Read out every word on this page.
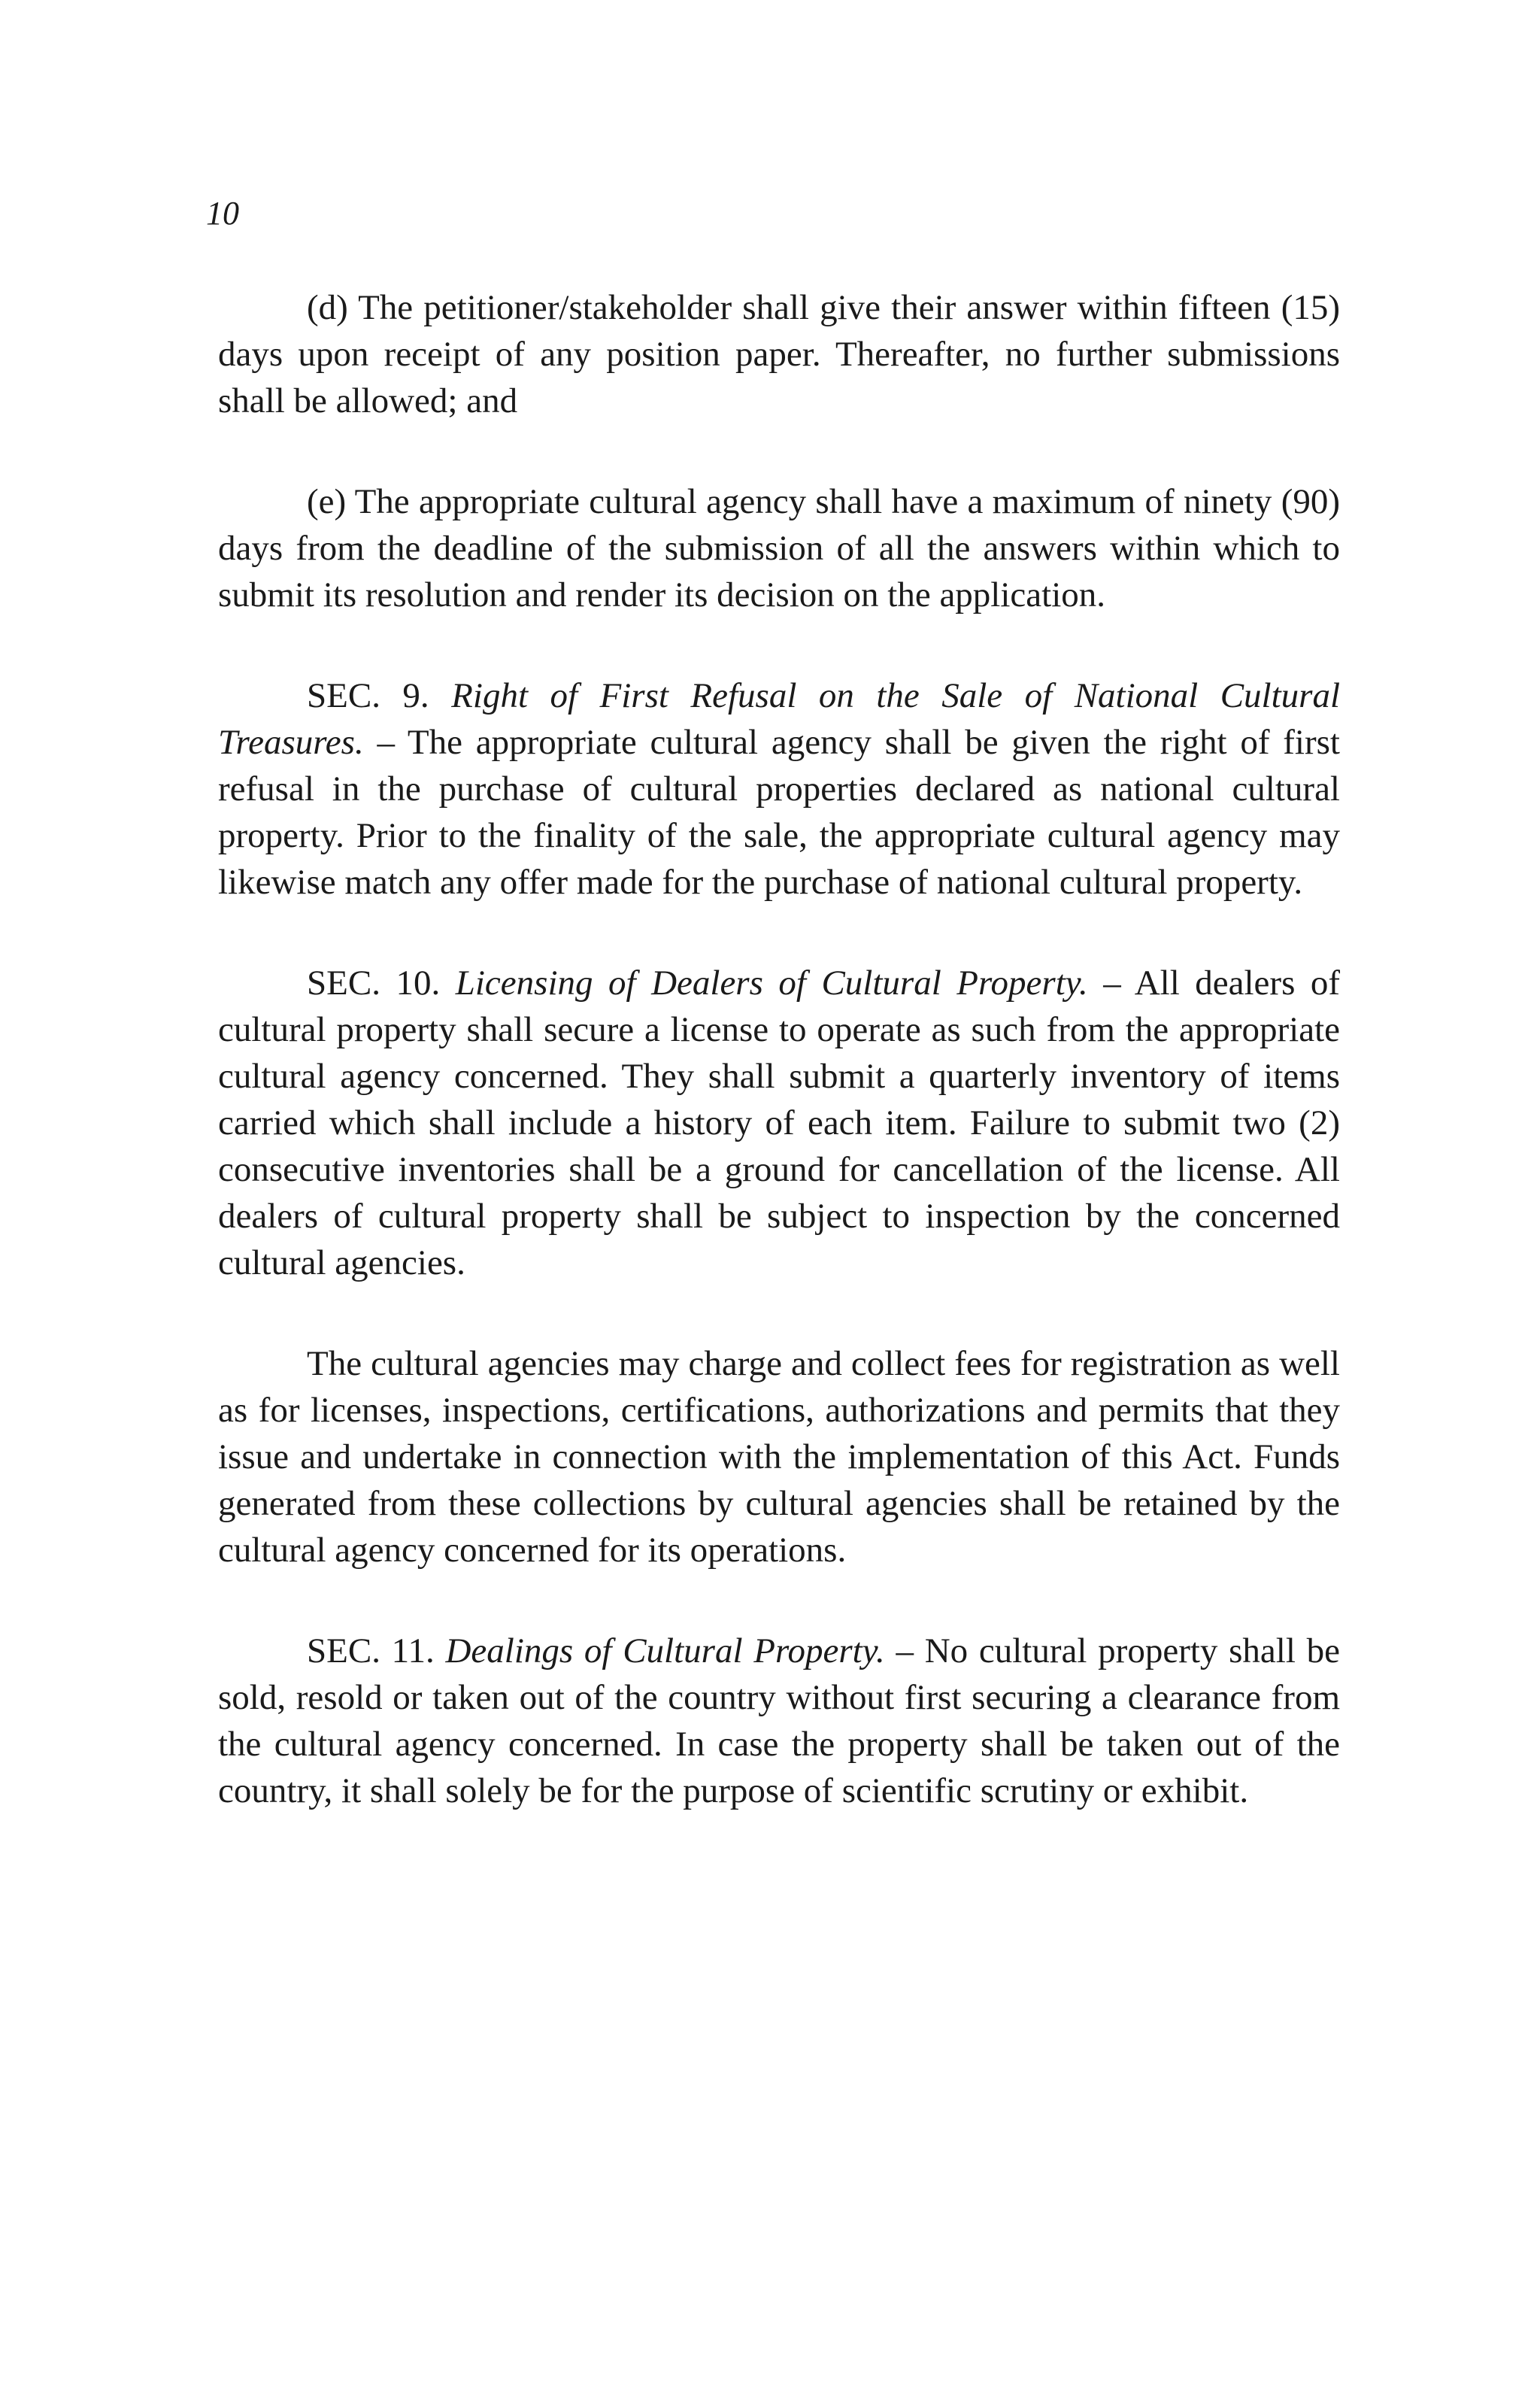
10

(d) The petitioner/stakeholder shall give their answer within fifteen (15) days upon receipt of any position paper. Thereafter, no further submissions shall be allowed; and

(e) The appropriate cultural agency shall have a maximum of ninety (90) days from the deadline of the submission of all the answers within which to submit its resolution and render its decision on the application.

SEC. 9. Right of First Refusal on the Sale of National Cultural Treasures. – The appropriate cultural agency shall be given the right of first refusal in the purchase of cultural properties declared as national cultural property. Prior to the finality of the sale, the appropriate cultural agency may likewise match any offer made for the purchase of national cultural property.

SEC. 10. Licensing of Dealers of Cultural Property. – All dealers of cultural property shall secure a license to operate as such from the appropriate cultural agency concerned. They shall submit a quarterly inventory of items carried which shall include a history of each item. Failure to submit two (2) consecutive inventories shall be a ground for cancellation of the license. All dealers of cultural property shall be subject to inspection by the concerned cultural agencies.

The cultural agencies may charge and collect fees for registration as well as for licenses, inspections, certifications, authorizations and permits that they issue and undertake in connection with the implementation of this Act. Funds generated from these collections by cultural agencies shall be retained by the cultural agency concerned for its operations.

SEC. 11. Dealings of Cultural Property. – No cultural property shall be sold, resold or taken out of the country without first securing a clearance from the cultural agency concerned. In case the property shall be taken out of the country, it shall solely be for the purpose of scientific scrutiny or exhibit.
